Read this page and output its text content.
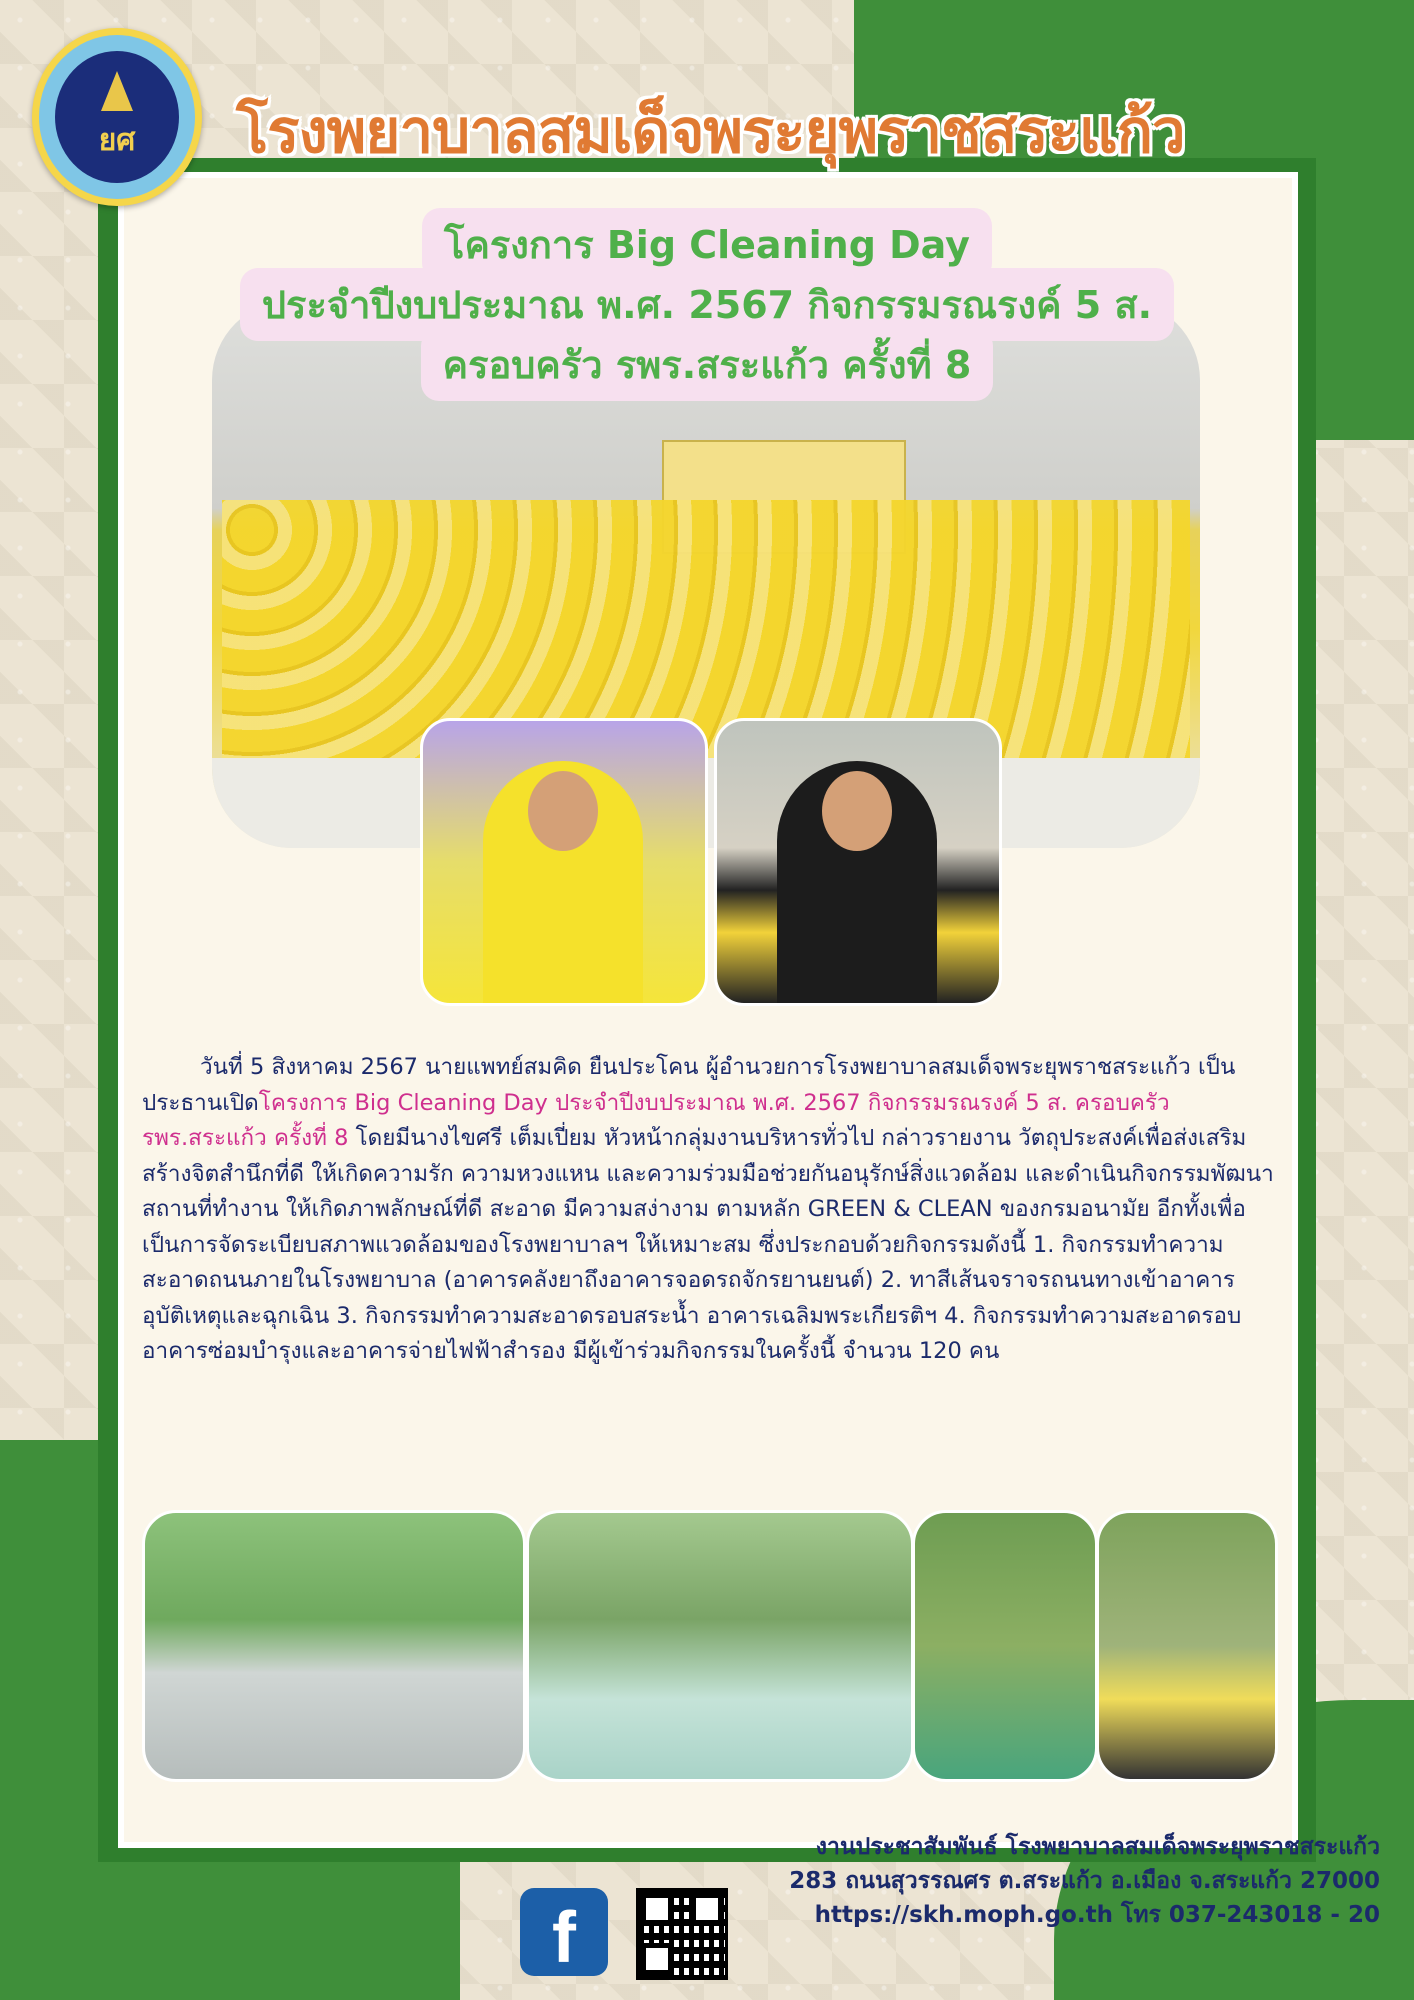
ยศ โรงพยาบาลสมเด็จพระยุพราชสระแก้ว
โครงการ Big Cleaning Day
ประจำปีงบประมาณ พ.ศ. 2567 กิจกรรมรณรงค์ 5 ส.
ครอบครัว รพร.สระแก้ว ครั้งที่ 8
วันที่ 5 สิงหาคม 2567 นายแพทย์สมคิด ยืนประโคน ผู้อำนวยการโรงพยาบาลสมเด็จพระยุพราชสระแก้ว เป็นประธานเปิดโครงการ Big Cleaning Day ประจำปีงบประมาณ พ.ศ. 2567 กิจกรรมรณรงค์ 5 ส. ครอบครัว รพร.สระแก้ว ครั้งที่ 8 โดยมีนางไขศรี เต็มเปี่ยม หัวหน้ากลุ่มงานบริหารทั่วไป กล่าวรายงาน วัตถุประสงค์เพื่อส่งเสริมสร้างจิตสำนึกที่ดี ให้เกิดความรัก ความหวงแหน และความร่วมมือช่วยกันอนุรักษ์สิ่งแวดล้อม และดำเนินกิจกรรมพัฒนาสถานที่ทำงาน ให้เกิดภาพลักษณ์ที่ดี สะอาด มีความสง่างาม ตามหลัก GREEN & CLEAN ของกรมอนามัย อีกทั้งเพื่อเป็นการจัดระเบียบสภาพแวดล้อมของโรงพยาบาลฯ ให้เหมาะสม ซึ่งประกอบด้วยกิจกรรมดังนี้ 1. กิจกรรมทำความสะอาดถนนภายในโรงพยาบาล (อาคารคลังยาถึงอาคารจอดรถจักรยานยนต์) 2. ทาสีเส้นจราจรถนนทางเข้าอาคารอุบัติเหตุและฉุกเฉิน 3. กิจกรรมทำความสะอาดรอบสระน้ำ อาคารเฉลิมพระเกียรติฯ 4. กิจกรรมทำความสะอาดรอบอาคารซ่อมบำรุงและอาคารจ่ายไฟฟ้าสำรอง มีผู้เข้าร่วมกิจกรรมในครั้งนี้ จำนวน 120 คน
f
งานประชาสัมพันธ์ โรงพยาบาลสมเด็จพระยุพราชสระแก้ว
283 ถนนสุวรรณศร ต.สระแก้ว อ.เมือง จ.สระแก้ว 27000
https://skh.moph.go.th โทร 037-243018 - 20
